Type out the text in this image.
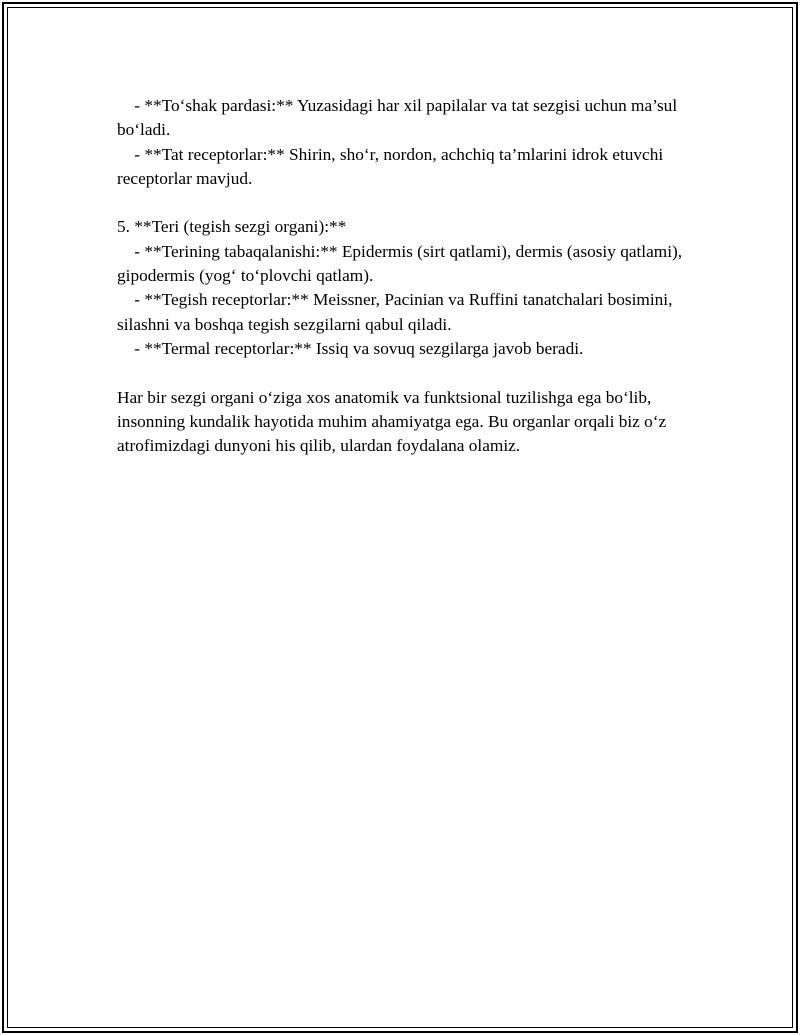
- **To‘shak pardasi:** Yuzasidagi har xil papilalar va tat sezgisi uchun ma’sul bo‘ladi.

- **Tat receptorlar:** Shirin, sho‘r, nordon, achchiq ta’mlarini idrok etuvchi receptorlar mavjud.

5. **Teri (tegish sezgi organi):**

- **Terining tabaqalanishi:** Epidermis (sirt qatlami), dermis (asosiy qatlami), gipodermis (yog‘ to‘plovchi qatlam).

- **Tegish receptorlar:** Meissner, Pacinian va Ruffini tanatchalari bosimini, silashni va boshqa tegish sezgilarni qabul qiladi.

- **Termal receptorlar:** Issiq va sovuq sezgilarga javob beradi.

Har bir sezgi organi o‘ziga xos anatomik va funktsional tuzilishga ega bo‘lib, insonning kundalik hayotida muhim ahamiyatga ega. Bu organlar orqali biz o‘z atrofimizdagi dunyoni his qilib, ulardan foydalana olamiz.
